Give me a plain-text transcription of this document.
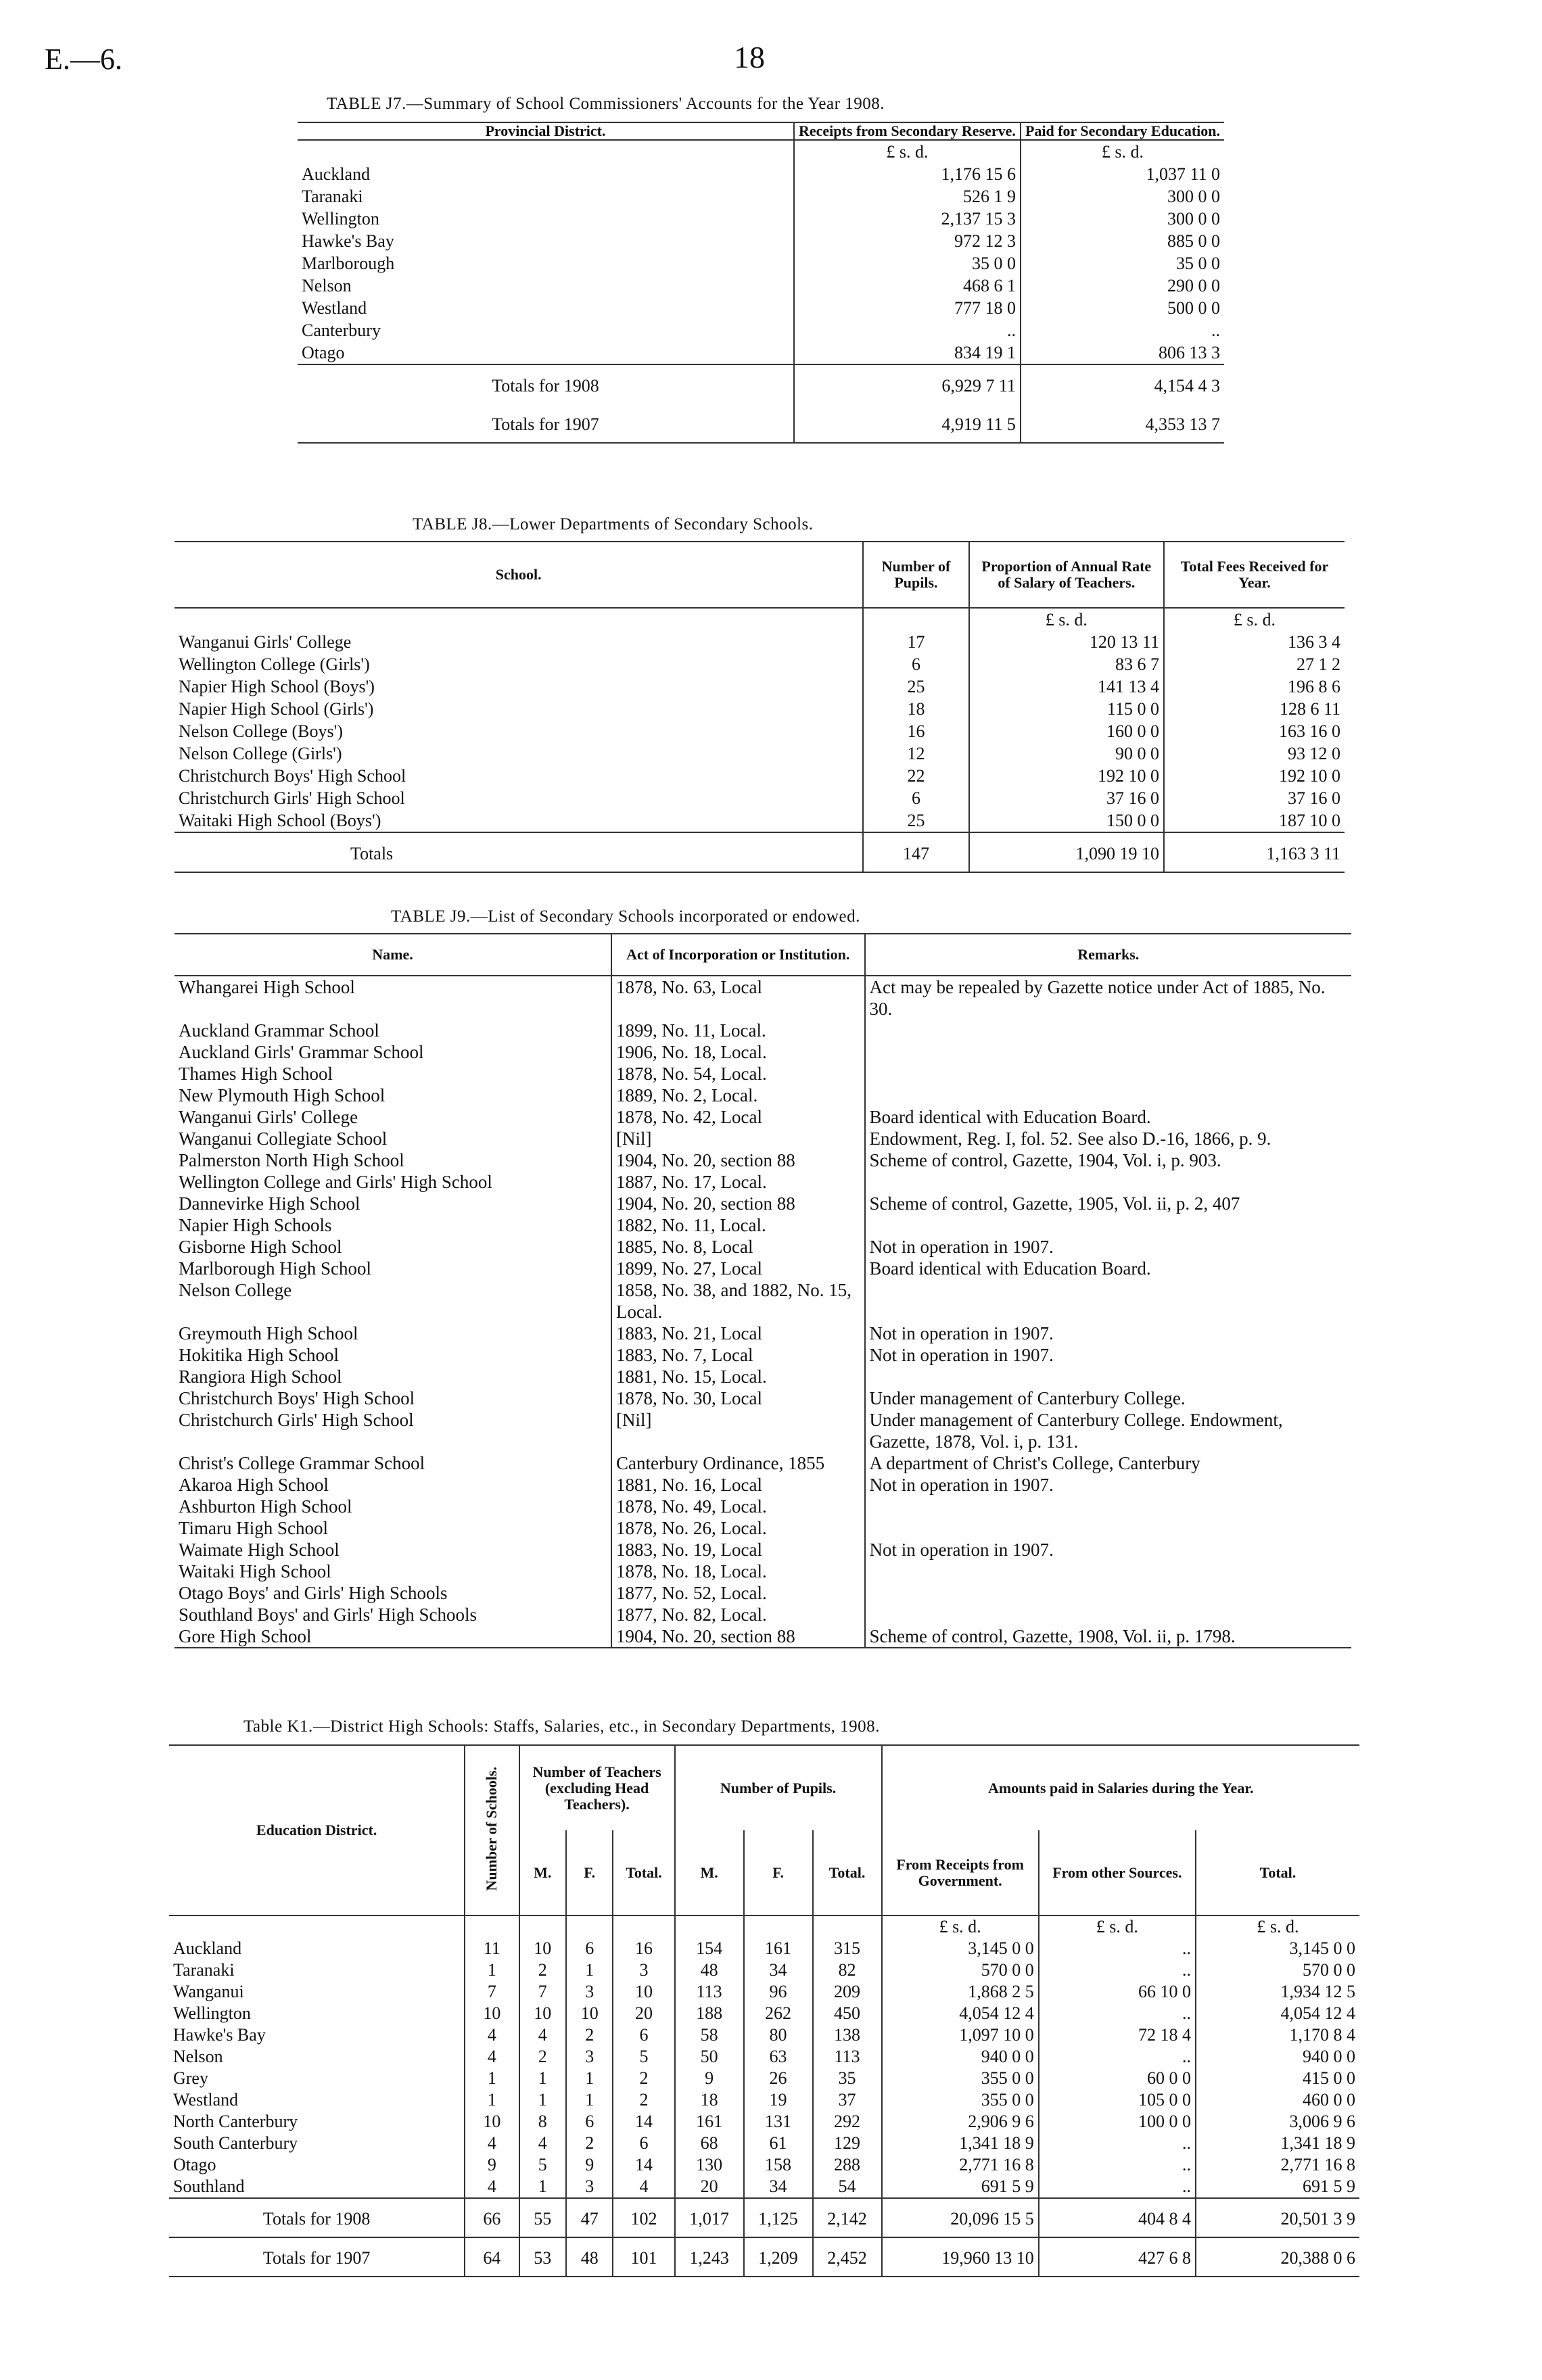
E.—6.	18
TABLE J7.—Summary of School Commissioners' Accounts for the Year 1908.
Provincial District.	Receipts from Secondary Reserve.	Paid for Secondary Education.
	£ s. d.	£ s. d.
Auckland	1,176 15 6	1,037 11 0
Taranaki	526 1 9	300 0 0
Wellington	2,137 15 3	300 0 0
Hawke's Bay	972 12 3	885 0 0
Marlborough	35 0 0	35 0 0
Nelson	468 6 1	290 0 0
Westland	777 18 0	500 0 0
Canterbury	..	..
Otago	834 19 1	806 13 3
Totals for 1908	6,929 7 11	4,154 4 3
Totals for 1907	4,919 11 5	4,353 13 7
TABLE J8.—Lower Departments of Secondary Schools.
School.	Number of Pupils.	Proportion of Annual Rate of Salary of Teachers.	Total Fees Received for Year.
		£ s. d.	£ s. d.
Wanganui Girls' College	17	120 13 11	136 3 4
Wellington College (Girls')	6	83 6 7	27 1 2
Napier High School (Boys')	25	141 13 4	196 8 6
Napier High School (Girls')	18	115 0 0	128 6 11
Nelson College (Boys')	16	160 0 0	163 16 0
Nelson College (Girls')	12	90 0 0	93 12 0
Christchurch Boys' High School	22	192 10 0	192 10 0
Christchurch Girls' High School	6	37 16 0	37 16 0
Waitaki High School (Boys')	25	150 0 0	187 10 0
Totals	147	1,090 19 10	1,163 3 11
TABLE J9.—List of Secondary Schools incorporated or endowed.
Name.	Act of Incorporation or Institution.	Remarks.
Whangarei High School	1878, No. 63, Local	Act may be repealed by Gazette notice under Act of 1885, No. 30.
Auckland Grammar School	1899, No. 11, Local.	
Auckland Girls' Grammar School	1906, No. 18, Local.	
Thames High School	1878, No. 54, Local.	
New Plymouth High School	1889, No. 2, Local.	
Wanganui Girls' College	1878, No. 42, Local	Board identical with Education Board.
Wanganui Collegiate School	[Nil]	Endowment, Reg. I, fol. 52. See also D.-16, 1866, p. 9.
Palmerston North High School	1904, No. 20, section 88	Scheme of control, Gazette, 1904, Vol. i, p. 903.
Wellington College and Girls' High School	1887, No. 17, Local.	
Dannevirke High School	1904, No. 20, section 88	Scheme of control, Gazette, 1905, Vol. ii, p. 2, 407
Napier High Schools	1882, No. 11, Local.	
Gisborne High School	1885, No. 8, Local	Not in operation in 1907.
Marlborough High School	1899, No. 27, Local	Board identical with Education Board.
Nelson College	1858, No. 38, and 1882, No. 15, Local.	
Greymouth High School	1883, No. 21, Local	Not in operation in 1907.
Hokitika High School	1883, No. 7, Local	Not in operation in 1907.
Rangiora High School	1881, No. 15, Local.	
Christchurch Boys' High School	1878, No. 30, Local	Under management of Canterbury College.
Christchurch Girls' High School	[Nil]	Under management of Canterbury College. Endowment, Gazette, 1878, Vol. i, p. 131.
Christ's College Grammar School	Canterbury Ordinance, 1855	A department of Christ's College, Canterbury
Akaroa High School	1881, No. 16, Local	Not in operation in 1907.
Ashburton High School	1878, No. 49, Local.	
Timaru High School	1878, No. 26, Local.	
Waimate High School	1883, No. 19, Local	Not in operation in 1907.
Waitaki High School	1878, No. 18, Local.	
Otago Boys' and Girls' High Schools	1877, No. 52, Local.	
Southland Boys' and Girls' High Schools	1877, No. 82, Local.	
Gore High School	1904, No. 20, section 88	Scheme of control, Gazette, 1908, Vol. ii, p. 1798.
Table K1.—District High Schools: Staffs, Salaries, etc., in Secondary Departments, 1908.
Education District.	Number of Schools.	Number of Teachers (excluding Head Teachers).			Number of Pupils.			Amounts paid in Salaries during the Year.		
		M.	F.	Total.	M.	F.	Total.	From Receipts from Government.	From other Sources.	Total.
								£ s. d.	£ s. d.	£ s. d.
Auckland	11	10	6	16	154	161	315	3,145 0 0	..	3,145 0 0
Taranaki	1	2	1	3	48	34	82	570 0 0	..	570 0 0
Wanganui	7	7	3	10	113	96	209	1,868 2 5	66 10 0	1,934 12 5
Wellington	10	10	10	20	188	262	450	4,054 12 4	..	4,054 12 4
Hawke's Bay	4	4	2	6	58	80	138	1,097 10 0	72 18 4	1,170 8 4
Nelson	4	2	3	5	50	63	113	940 0 0	..	940 0 0
Grey	1	1	1	2	9	26	35	355 0 0	60 0 0	415 0 0
Westland	1	1	1	2	18	19	37	355 0 0	105 0 0	460 0 0
North Canterbury	10	8	6	14	161	131	292	2,906 9 6	100 0 0	3,006 9 6
South Canterbury	4	4	2	6	68	61	129	1,341 18 9	..	1,341 18 9
Otago	9	5	9	14	130	158	288	2,771 16 8	..	2,771 16 8
Southland	4	1	3	4	20	34	54	691 5 9	..	691 5 9
Totals for 1908	66	55	47	102	1,017	1,125	2,142	20,096 15 5	404 8 4	20,501 3 9
Totals for 1907	64	53	48	101	1,243	1,209	2,452	19,960 13 10	427 6 8	20,388 0 6
